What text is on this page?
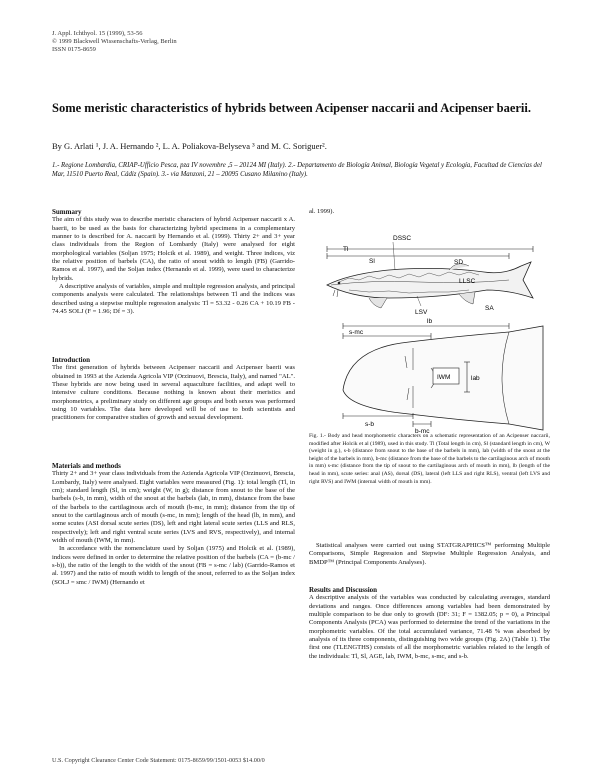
J. Appl. Ichthyol. 15 (1999), 53-56
© 1999 Blackwell Wissenschafts-Verlag, Berlin
ISSN 0175-8659
Some meristic characteristics of hybrids between Acipenser naccarii and Acipenser baerii.
By G. Arlati ¹, J. A. Hernando ², L. A. Poliakova-Belyseva ³ and M. C. Soriguer².
1.- Regione Lombardia, CRIAP-Ufficio Pesca, pza IV novembre ,5 – 20124 MI (Italy). 2.- Departamento de Biología Animal, Biología Vegetal y Ecología, Facultad de Ciencias del Mar, 11510 Puerto Real, Cádiz (Spain). 3.- via Manzoni, 21 – 20095 Cusano Milanino (Italy).

Summary

The aim of this study was to describe meristic characters of hybrid Acipenser naccarii x A. baerii, to be used as the basis for characterizing hybrid specimens in a complementary manner to is described for A. naccarii by Hernando et al. (1999). Thirty 2+ and 3+ year class individuals from the Region of Lombardy (Italy) were analysed for eight morphological variables (Soljan 1975; Holcik et al. 1989), and weight. Three indices, viz the relative position of barbels (CA), the ratio of snout width to length (FB) (Garrido-Ramos et al. 1997), and the Soljan index (Hernando et al. 1999), were used to characterize hybrids.

A descriptive analysis of variables, simple and multiple regression analysis, and principal components analysis were calculated. The relationships between Tl and the indices was described using a stepwise multiple regression analysis: Tl = 53.32 - 0.26 CA + 10.19 FB - 74.45 SOLJ (F = 1.96; Df = 3).

Introduction

The first generation of hybrids between Acipenser naccarii and Acipenser baerii was obtained in 1993 at the Azienda Agricola VIP (Orzinuovi, Brescia, Italy), and named "AL". These hybrids are now being used in several aquaculture facilities, and adapt well to intensive culture conditions. Because nothing is known about their meristics and morphometrics, a preliminary study on different age groups and both sexes was performed using 10 variables. The data here developed will be of use to both scientists and practitioners for comparative studies of growth and sexual development.

Materials and methods

Thirty 2+ and 3+ year class individuals from the Azienda Agricola VIP (Orzinuovi, Brescia, Lombardy, Italy) were analysed. Eight variables were measured (Fig. 1): total length (Tl, in cm); standard length (Sl, in cm); weight (W, in g); distance from snout to the base of the barbels (s-b, in mm), width of the snout at the barbels (lab, in mm), distance from the base of the barbels to the cartilaginous arch of mouth (b-mc, in mm); distance from the tip of snout to the cartilaginous arch of mouth (s-mc, in mm); length of the head (lb, in mm), and some scutes (ASI dorsal scute series (DS), left and right lateral scute series (LLS and RLS, respectively); left and right ventral scute series (LVS and RVS, respectively), and internal width of mouth (IWM, in mm).

In accordance with the nomenclature used by Soljan (1975) and Holcik et al. (1989), indices were defined in order to determine the relative position of the barbels (CA = (b-mc / s-b)), the ratio of the length to the width of the snout (FB = s-mc / lab) (Garrido-Ramos et al. 1997) and the ratio of mouth width to length of the snout, referred to as the Soljan index (SOLJ = smc / IWM) (Hernando et

al. 1999).
DSSC
Tl
Sl	SD
LLSC
SA
LSV
lb
s-mc
IWM	lab
s-b
b-mc
Fig. 1.- Body and head morphometric characters on a schematic representation of an Acipenser naccarii, modified after Holcik et al (1989), used in this study. Tl (Total length in cm), Sl (standard length in cm), W (weight in g.), s-b (distance from snout to the base of the barbels in mm), lab (width of the snout at the height of the barbels in mm), b-mc (distance from the base of the barbels to the cartilaginous arch of mouth in mm) s-mc (distance from the tip of snout to the cartilaginous arch of mouth in mm), lb (length of the head in mm), scute series: anal (AS), dorsal (DS), lateral (left LLS and right RLS), ventral (left LVS and right RVS) and IWM (internal width of mouth in mm).

Statistical analyses were carried out using STATGRAPHICS™ performing Multiple Comparisons, Simple Regression and Stepwise Multiple Regression Analysis, and BMDP™ (Principal Components Analyses).

Results and Discussion

A descriptive analysis of the variables was conducted by calculating averages, standard deviations and ranges. Once differences among variables had been demonstrated by multiple comparison to be due only to growth (DF: 31; F = 1382.05; p = 0), a Principal Components Analysis (PCA) was performed to determine the trend of the variations in the morphometric variables. Of the total accumulated variance, 71.48 % was absorbed by analysis of its three components, distinguishing two wide groups (Fig. 2A) (Table 1). The first one (TLENGTHS) consists of all the morphometric variables related to the length of the individuals: Tl, Sl, AGE, lab, IWM, b-mc, s-mc, and s-b.

U.S. Copyright Clearance Center Code Statement: 0175-8659/99/1501-0053 $14.00/0
